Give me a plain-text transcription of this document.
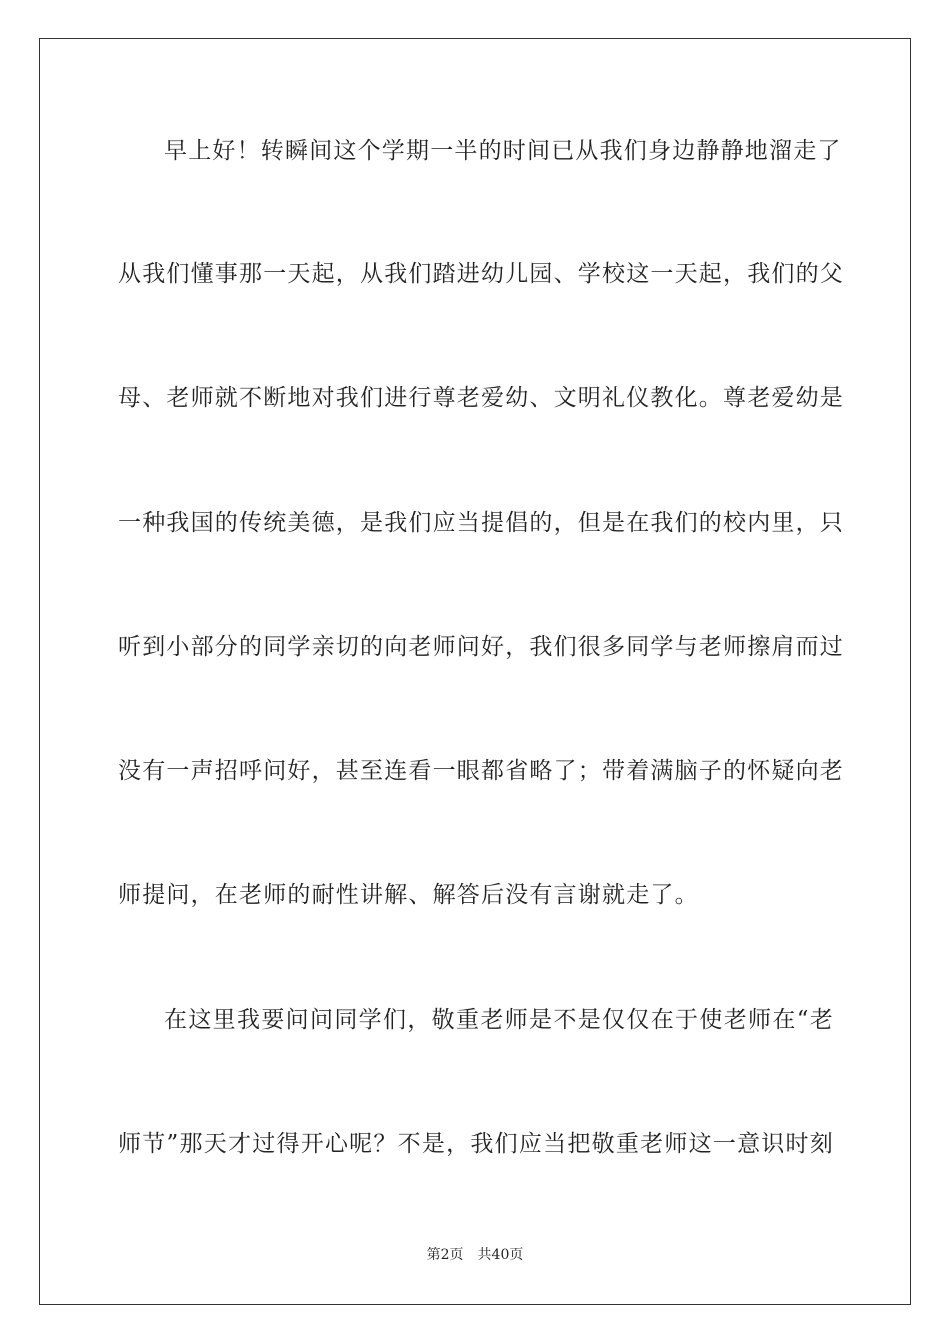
早上好！转瞬间这个学期一半的时间已从我们身边静静地溜走了
从我们懂事那一天起，从我们踏进幼儿园、学校这一天起，我们的父
母、老师就不断地对我们进行尊老爱幼、文明礼仪教化。尊老爱幼是
一种我国的传统美德，是我们应当提倡的，但是在我们的校内里，只
听到小部分的同学亲切的向老师问好，我们很多同学与老师擦肩而过
没有一声招呼问好，甚至连看一眼都省略了；带着满脑子的怀疑向老
师提问，在老师的耐性讲解、解答后没有言谢就走了。
在这里我要问问同学们，敬重老师是不是仅仅在于使老师在“老
师节”那天才过得开心呢？不是，我们应当把敬重老师这一意识时刻
第2页 共40页
